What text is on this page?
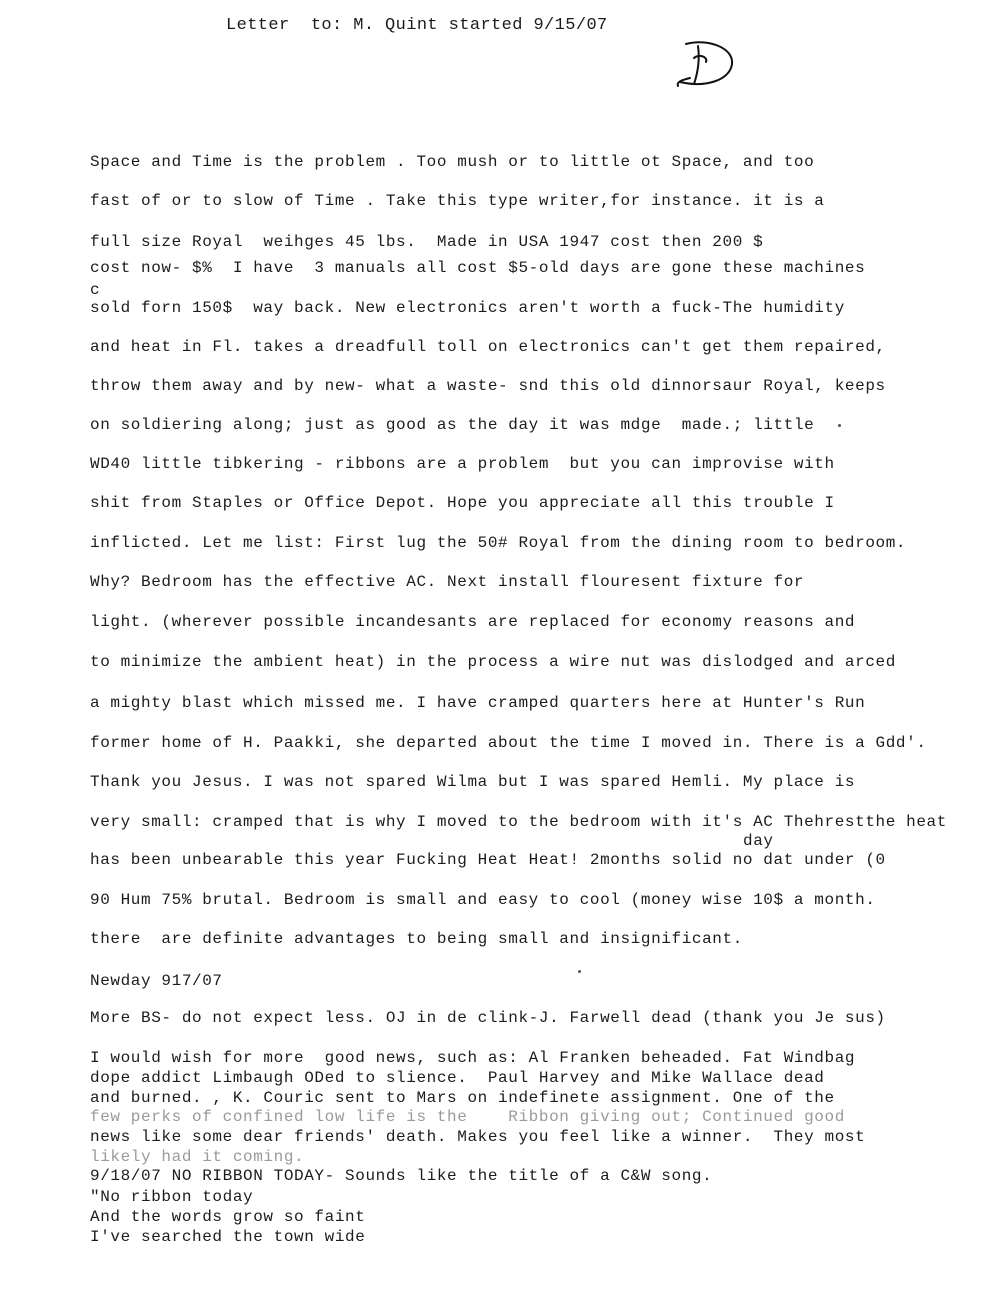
Letter  to: M. Quint started 9/15/07
Space and Time is the problem . Too mush or to little ot Space, and too
fast of or to slow of Time . Take this type writer,for instance. it is a
full size Royal  weihges 45 lbs.  Made in USA 1947 cost then 200 $
cost now- $%  I have  3 manuals all cost $5-old days are gone these machines
c
sold forn 150$  way back. New electronics aren't worth a fuck-The humidity
and heat in Fl. takes a dreadfull toll on electronics can't get them repaired,
throw them away and by new- what a waste- snd this old dinnorsaur Royal, keeps
on soldiering along; just as good as the day it was mdge  made.; little
WD40 little tibkering - ribbons are a problem  but you can improvise with
shit from Staples or Office Depot. Hope you appreciate all this trouble I
inflicted. Let me list: First lug the 50# Royal from the dining room to bedroom.
Why? Bedroom has the effective AC. Next install flouresent fixture for
light. (wherever possible incandesants are replaced for economy reasons and
to minimize the ambient heat) in the process a wire nut was dislodged and arced
a mighty blast which missed me. I have cramped quarters here at Hunter's Run
former home of H. Paakki, she departed about the time I moved in. There is a Gdd'.
Thank you Jesus. I was not spared Wilma but I was spared Hemli. My place is
very small: cramped that is why I moved to the bedroom with it's AC Thehrestthe heat
day
has been unbearable this year Fucking Heat Heat! 2months solid no dat under (0
90 Hum 75% brutal. Bedroom is small and easy to cool (money wise 10$ a month.
there  are definite advantages to being small and insignificant.
Newday 917/07
More BS- do not expect less. OJ in de clink-J. Farwell dead (thank you Je sus)
I would wish for more  good news, such as: Al Franken beheaded. Fat Windbag
dope addict Limbaugh ODed to slience.  Paul Harvey and Mike Wallace dead
and burned. , K. Couric sent to Mars on indefinete assignment. One of the
few perks of confined low life is the    Ribbon giving out; Continued good
news like some dear friends' death. Makes you feel like a winner.  They most
likely had it coming.
9/18/07 NO RIBBON TODAY- Sounds like the title of a C&W song.
"No ribbon today
And the words grow so faint
I've searched the town wide
